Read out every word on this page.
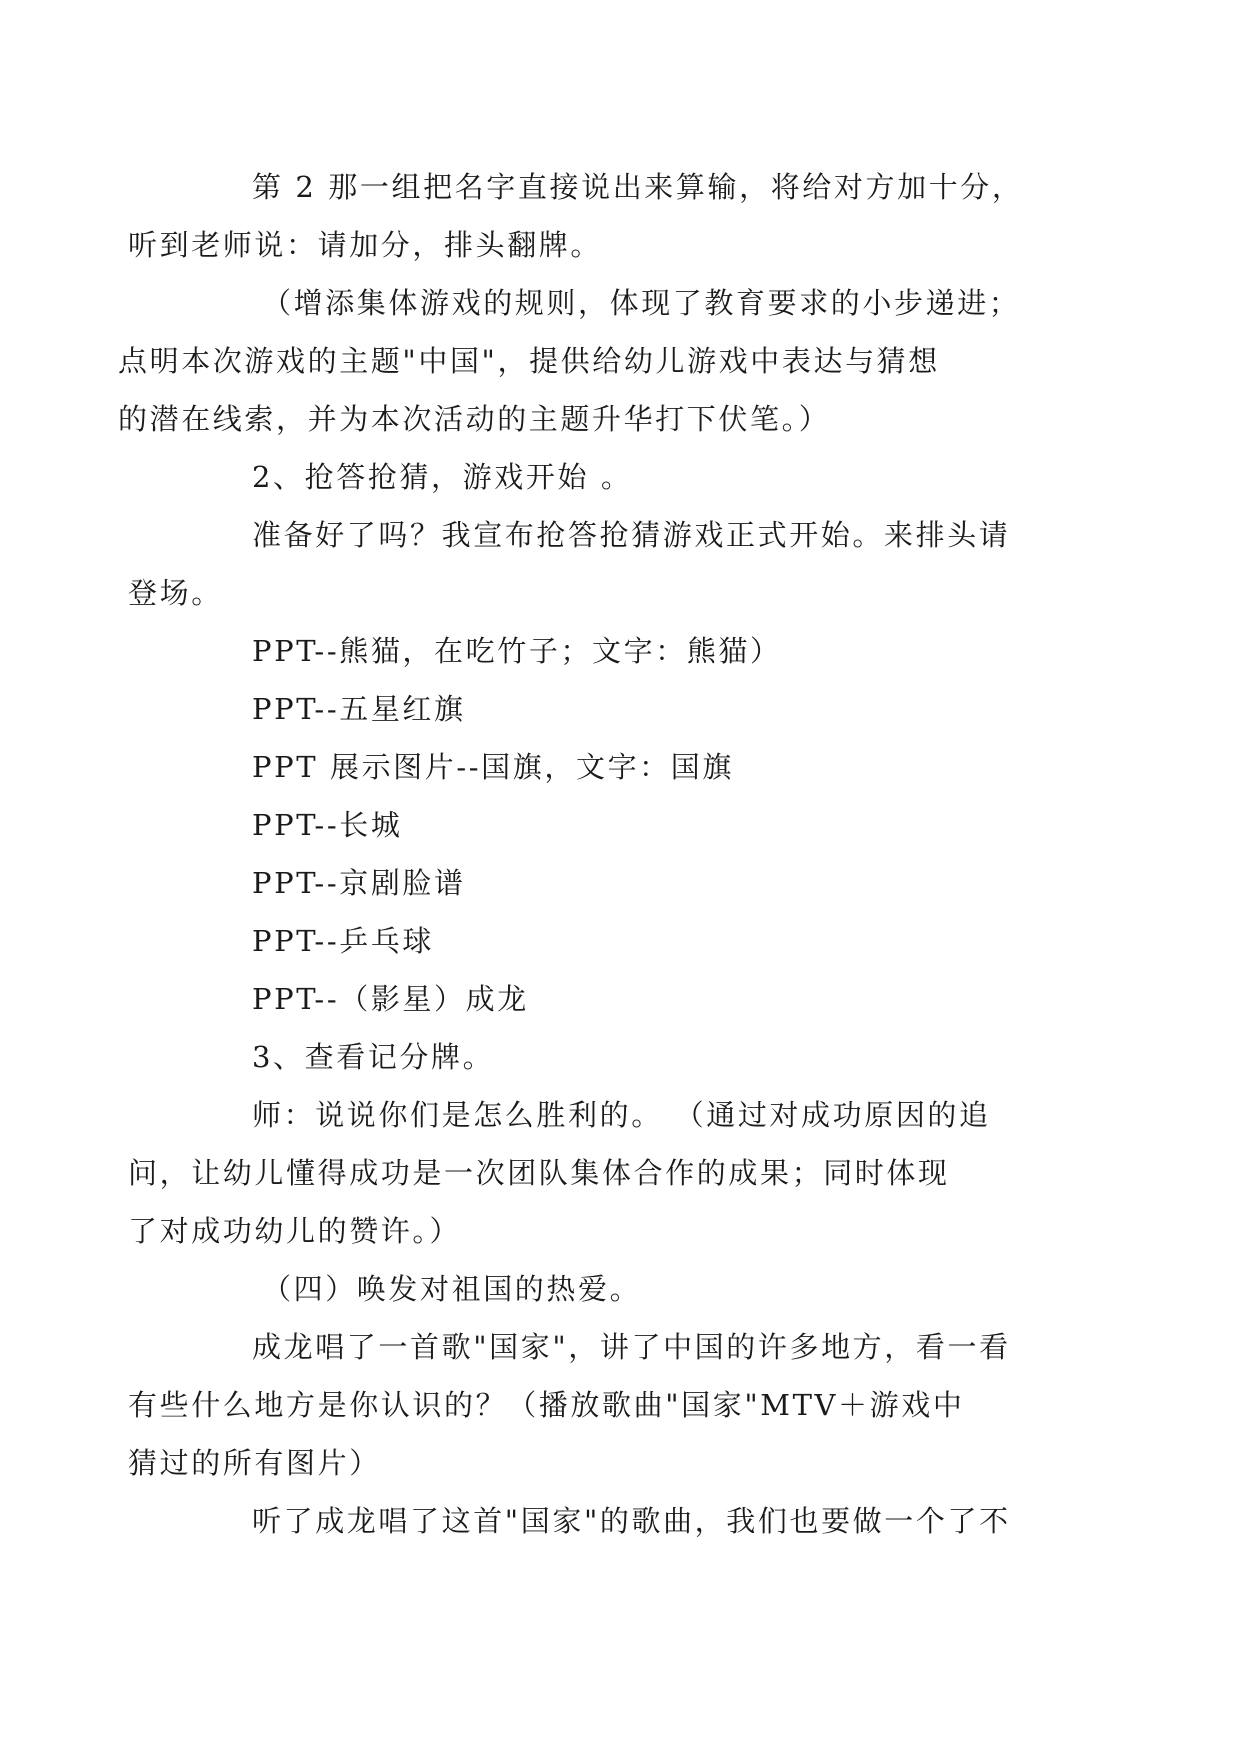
第 2 那一组把名字直接说出来算输，将给对方加十分，
听到老师说：请加分，排头翻牌。

（增添集体游戏的规则，体现了教育要求的小步递进；
点明本次游戏的主题"中国"，提供给幼儿游戏中表达与猜想
的潜在线索，并为本次活动的主题升华打下伏笔。）

2、抢答抢猜，游戏开始 。

准备好了吗？我宣布抢答抢猜游戏正式开始。来排头请
登场。

PPT--熊猫，在吃竹子；文字：熊猫）

PPT--五星红旗

PPT 展示图片--国旗，文字：国旗

PPT--长城

PPT--京剧脸谱

PPT--乒乓球

PPT--（影星）成龙

3、查看记分牌。

师：说说你们是怎么胜利的。 （通过对成功原因的追
问，让幼儿懂得成功是一次团队集体合作的成果；同时体现
了对成功幼儿的赞许。）

（四）唤发对祖国的热爱。

成龙唱了一首歌"国家"，讲了中国的许多地方，看一看
有些什么地方是你认识的？（播放歌曲"国家"MTV＋游戏中
猜过的所有图片）

听了成龙唱了这首"国家"的歌曲，我们也要做一个了不
